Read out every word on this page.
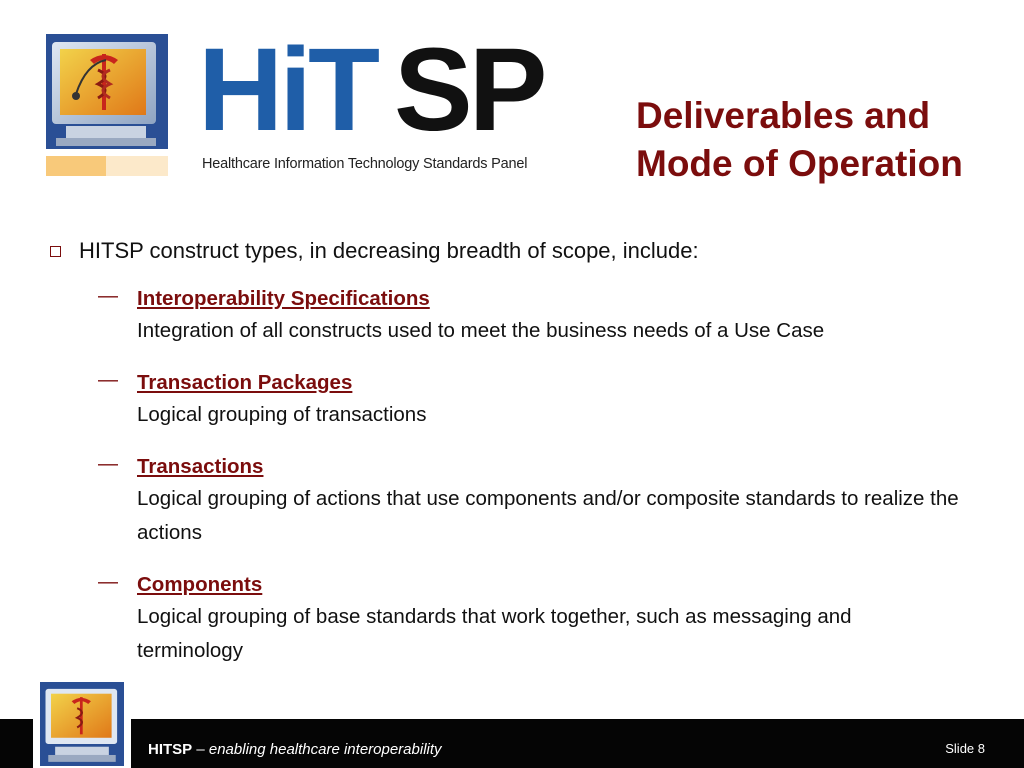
HiT SP
Healthcare Information Technology Standards Panel
Deliverables and
Mode of Operation
HITSP construct types, in decreasing breadth of scope, include:
— Interoperability Specifications
Integration of all constructs used to meet the business needs of a Use Case
— Transaction Packages
Logical grouping of transactions
— Transactions
Logical grouping of actions that use components and/or composite standards to realize the actions
— Components
Logical grouping of base standards that work together, such as messaging and terminology
HITSP – enabling healthcare interoperability	Slide 8
